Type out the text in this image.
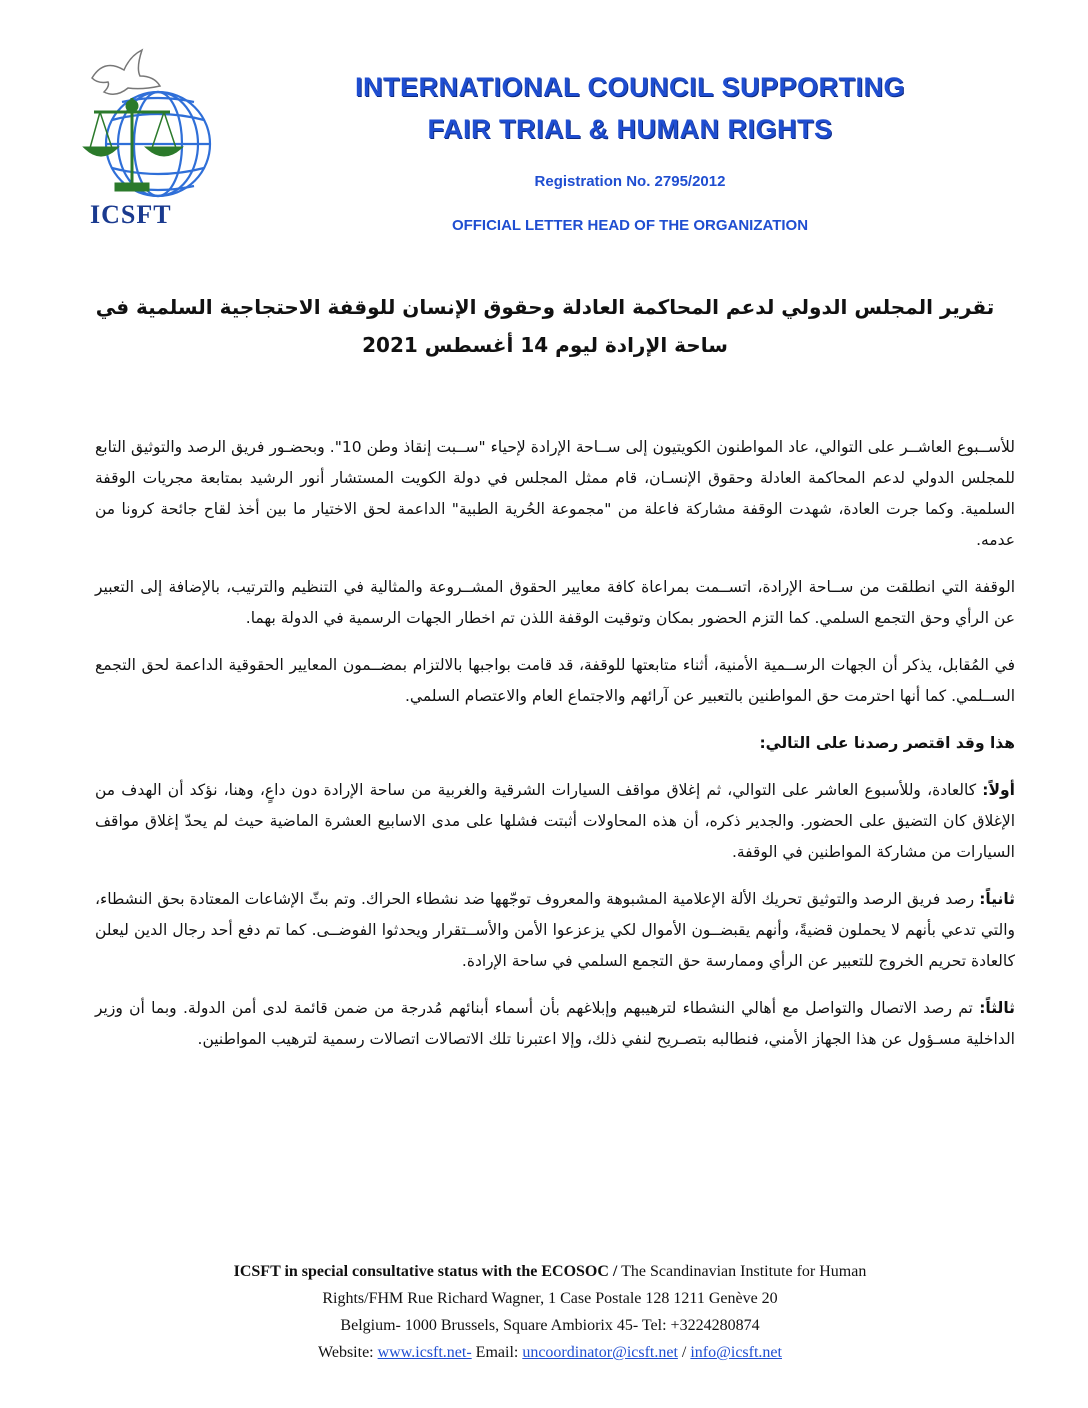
ICSFT
INTERNATIONAL COUNCIL SUPPORTING
FAIR TRIAL & HUMAN RIGHTS
Registration No. 2795/2012
OFFICIAL LETTER HEAD OF THE ORGANIZATION
تقرير المجلس الدولي لدعم المحاكمة العادلة وحقوق الإنسان للوقفة الاحتجاجية السلمية في
ساحة الإرادة ليوم 14 أغسطس 2021

للأســبوع العاشــر على التوالي، عاد المواطنون الكويتيون إلى ســاحة الإرادة لإحياء "ســبت إنقاذ وطن 10". وبحضـور فريق الرصد والتوثيق التابع للمجلس الدولي لدعم المحاكمة العادلة وحقوق الإنسـان، قام ممثل المجلس في دولة الكويت المستشار أنور الرشيد بمتابعة مجريات الوقفة السلمية. وكما جرت العادة، شهدت الوقفة مشاركة فاعلة من "مجموعة الحُرية الطبية" الداعمة لحق الاختيار ما بين أخذ لقاح جائحة كرونا من عدمه.

الوقفة التي انطلقت من ســاحة الإرادة، اتســمت بمراعاة كافة معايير الحقوق المشــروعة والمثالية في التنظيم والترتيب، بالإضافة إلى التعبير عن الرأي وحق التجمع السلمي. كما التزم الحضور بمكان وتوقيت الوقفة اللذن تم اخطار الجهات الرسمية في الدولة بهما.

في المُقابل، يذكر أن الجهات الرســمية الأمنية، أثناء متابعتها للوقفة، قد قامت بواجبها بالالتزام بمضــمون المعايير الحقوقية الداعمة لحق التجمع الســلمي. كما أنها احترمت حق المواطنين بالتعبير عن آرائهم والاجتماع العام والاعتصام السلمي.

هذا وقد اقتصر رصدنا على التالي:

أولاً: كالعادة، وللأسبوع العاشر على التوالي، ثم إغلاق مواقف السيارات الشرقية والغربية من ساحة الإرادة دون داعٍ، وهنا، نؤكد أن الهدف من الإغلاق كان التضيق على الحضور. والجدير ذكره، أن هذه المحاولات أثبتت فشلها على مدى الاسابيع العشرة الماضية حيث لم يحدّ إغلاق مواقف السيارات من مشاركة المواطنين في الوقفة.

ثانياً: رصد فريق الرصد والتوثيق تحريك الألة الإعلامية المشبوهة والمعروف توجّهها ضد نشطاء الحراك. وتم بثّ الإشاعات المعتادة بحق النشطاء، والتي تدعي بأنهم لا يحملون قضيةً، وأنهم يقبضــون الأموال لكي يزعزعوا الأمن والأســتقرار ويحدثوا الفوضــى. كما تم دفع أحد رجال الدين ليعلن كالعادة تحريم الخروج للتعبير عن الرأي وممارسة حق التجمع السلمي في ساحة الإرادة.

ثالثاً: تم رصد الاتصال والتواصل مع أهالي النشطاء لترهيبهم وإبلاغهم بأن أسماء أبنائهم مُدرجة من ضمن قائمة لدى أمن الدولة. وبما أن وزير الداخلية مسـؤول عن هذا الجهاز الأمني، فنطالبه بتصـريح لنفي ذلك، وإلا اعتبرنا تلك الاتصالات اتصالات رسمية لترهيب المواطنين.

ICSFT in special consultative status with the ECOSOC / The Scandinavian Institute for Human
Rights/FHM Rue Richard Wagner, 1 Case Postale 128 1211 Genève 20
Belgium- 1000 Brussels, Square Ambiorix 45- Tel: +3224280874
Website: www.icsft.net- Email: uncoordinator@icsft.net / info@icsft.net
